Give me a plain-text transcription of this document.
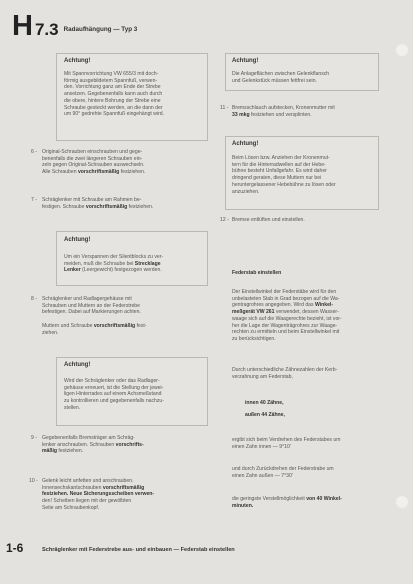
H 7.3 Radaufhängung — Typ 3
Achtung!
Mit Spannvorrichtung VW 655/3 mit doch-
förmig ausgebildetem Spannfuß, verwen-
den. Vorrichtung ganz am Ende der Strebe
ansetzen. Gegebenenfalls kann auch durch
die obere, hintere Bohrung der Strebe eine
Schraube gesteckt werden, an die dann der
um 90° gedrehte Spannfuß eingehängt wird.
6 - Original-Schrauben einschrauben und gege-
benenfalls die zwei längeren Schrauben ein-
zeln gegen Original-Schrauben auswechseln.
Alle Schrauben vorschriftsmäßig festziehen.
7 - Schräglenker mit Schraube am Rahmen be-
festigen. Schraube vorschriftsmäßig festziehen.
Achtung!
Um ein Verspannen der Silentblocks zu ver-
meiden, muß die Schraube bei Strecklage
Lenker (Leergewicht) festgezogen werden.
8 - Schräglenker und Radlagergehäuse mit
Schrauben und Muttern an der Federstrebe
befestigen. Dabei auf Markierungen achten.

Muttern und Schraube vorschriftsmäßig fest-
ziehen.
Achtung!
Wird der Schräglenker oder das Radlager-
gehäuse erneuert, ist die Stellung der jewei-
ligen Hinterrades auf einem Achsmeßstand
zu kontrollieren und gegebenenfalls nachzu-
stellen.
9 - Gegebenenfalls Bremsträger am Schräg-
lenker anschrauben. Schrauben vorschrifts-
mäßig festziehen.
10 - Gelenk leicht anfetten und anschrauben.
Innensechskantschrauben vorschriftsmäßig
festziehen. Neue Sicherungsscheiben verwen-
den! Scheiben liegen mit der gewölbten
Seite am Schraubenkopf.
Achtung!
Die Anlageflächen zwischen Gelenkflansch
und Gelenkstück müssen fettfrei sein.
11 - Bremsschlauch aufstecken, Kronenmutter mit
33 mkg festziehen und versplinten.
Achtung!
Beim Lösen bzw. Anziehen der Kronenmut-
tern für die Hinterradwellen auf der Hebe-
bühne besteht Unfallgefahr. Es wird daher
dringend geraten, diese Muttern nur bei
heruntergelassener Hebebühne zu lösen oder
anzuziehen.
12 - Bremse entlüften und einstellen.
Federstab einstellen
Der Einstellwinkel der Federstäbe wird für den
unbelasteten Stab in Grad bezogen auf die Wa-
gentragrohres angegeben. Wird das Winkel-
meßgerät VW 261 verwendet, dessen Wasser-
waage sich auf die Waagerechte bezieht, ist vor-
her die Lage der Wagenträgrohres zur Waage-
rechten zu ermitteln und beim Einstellwinkel mit
zu berücksichtigen.
Durch unterschiedliche Zähnezahlen der Kerb-
verzahnung am Federstab,
innen 40 Zähne,
außen 44 Zähne,
ergibt sich beim Verdrehen des Federstabes um
einen Zahn innen — 9°10'
und durch Zurückdrehen der Federstrabe um
einen Zahn außen — 7°30'
die geringste Verstellmöglichkeit von 40 Winkel-
minuten.
1-6	Schräglenker mit Federstrebe aus- und einbauen — Federstab einstellen
